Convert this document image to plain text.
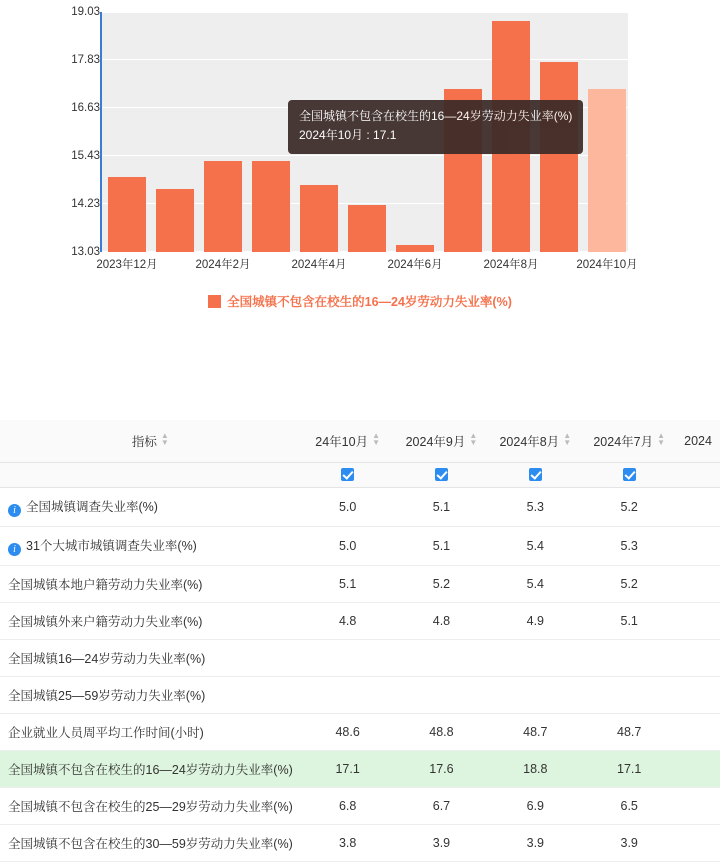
19.03
17.83
16.63
15.43
14.23
13.03
2023年12月	2024年2月	2024年4月	2024年6月	2024年8月	2024年10月
全国城镇不包含在校生的16—24岁劳动力失业率(%)
2024年10月 : 17.1
全国城镇不包含在校生的16—24岁劳动力失业率(%)
指标 ▲
▼	24年10月 ▲
▼	2024年9月 ▲
▼	2024年8月 ▲
▼	2024年7月 ▲
▼	2024

i 全国城镇调查失业率(%)	5.0	5.1	5.3	5.2	
i 31个大城市城镇调查失业率(%)	5.0	5.1	5.4	5.3	
全国城镇本地户籍劳动力失业率(%)	5.1	5.2	5.4	5.2	
全国城镇外来户籍劳动力失业率(%)	4.8	4.8	4.9	5.1	
全国城镇16—24岁劳动力失业率(%)					
全国城镇25—59岁劳动力失业率(%)					
企业就业人员周平均工作时间(小时)	48.6	48.8	48.7	48.7	
全国城镇不包含在校生的16—24岁劳动力失业率(%)	17.1	17.6	18.8	17.1	
全国城镇不包含在校生的25—29岁劳动力失业率(%)	6.8	6.7	6.9	6.5	
全国城镇不包含在校生的30—59岁劳动力失业率(%)	3.8	3.9	3.9	3.9	
